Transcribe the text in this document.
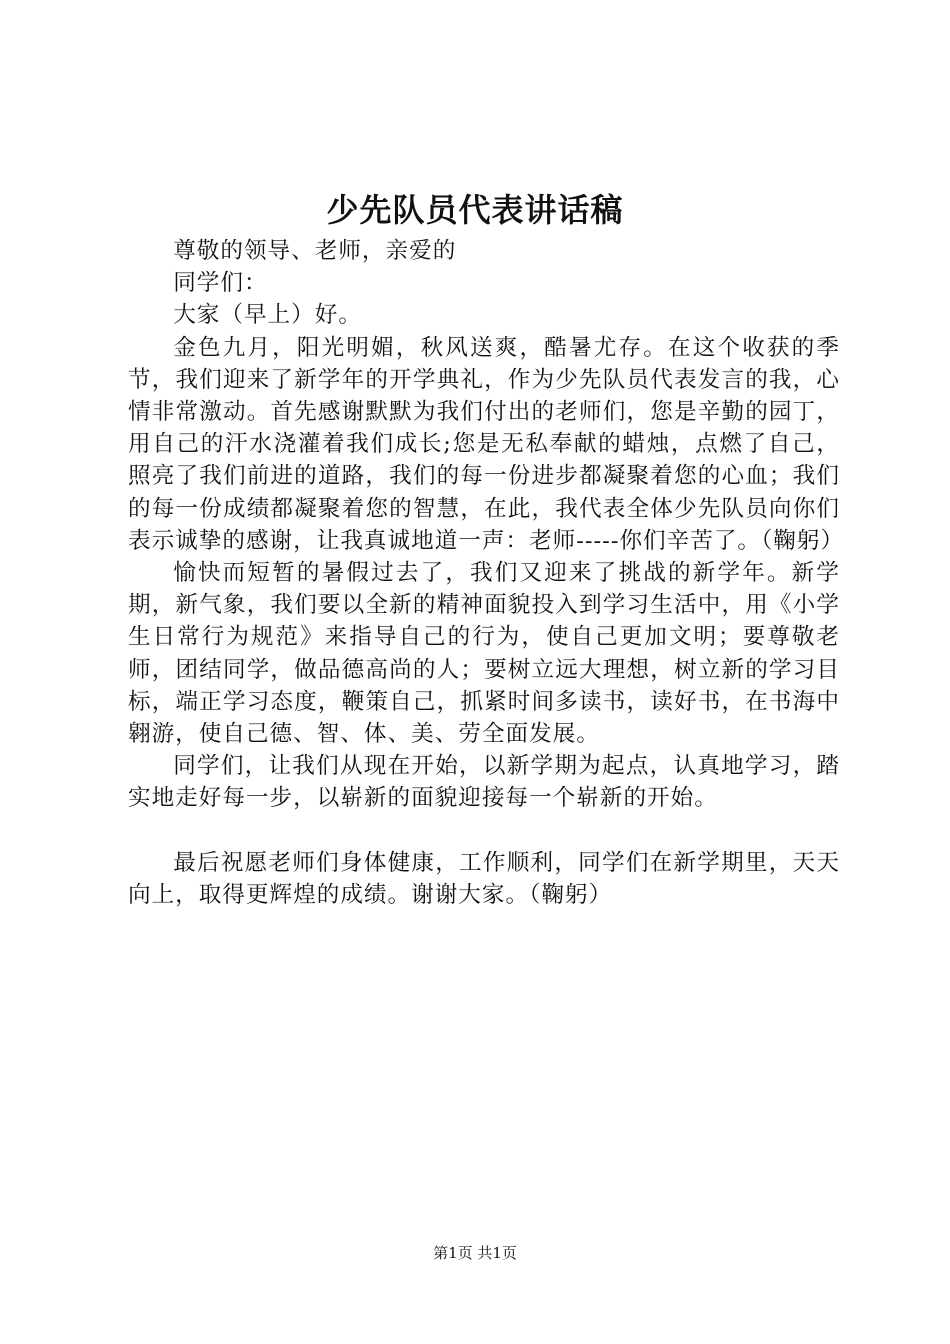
少先队员代表讲话稿

尊敬的领导、老师，亲爱的

同学们：

大家（早上）好。

金色九月，阳光明媚，秋风送爽，酷暑尤存。在这个收获的季节，我们迎来了新学年的开学典礼，作为少先队员代表发言的我，心情非常激动。首先感谢默默为我们付出的老师们，您是辛勤的园丁，用自己的汗水浇灌着我们成长;您是无私奉献的蜡烛，点燃了自己，照亮了我们前进的道路，我们的每一份进步都凝聚着您的心血；我们的每一份成绩都凝聚着您的智慧，在此，我代表全体少先队员向你们表示诚挚的感谢，让我真诚地道一声：老师-----你们辛苦了。（鞠躬）

愉快而短暂的暑假过去了，我们又迎来了挑战的新学年。新学期，新气象，我们要以全新的精神面貌投入到学习生活中，用《小学生日常行为规范》来指导自己的行为，使自己更加文明；要尊敬老师，团结同学，做品德高尚的人；要树立远大理想，树立新的学习目标，端正学习态度，鞭策自己，抓紧时间多读书，读好书，在书海中翱游，使自己德、智、体、美、劳全面发展。

同学们，让我们从现在开始，以新学期为起点，认真地学习，踏实地走好每一步，以崭新的面貌迎接每一个崭新的开始。

最后祝愿老师们身体健康，工作顺利，同学们在新学期里，天天向上，取得更辉煌的成绩。谢谢大家。（鞠躬）

第1页 共1页
